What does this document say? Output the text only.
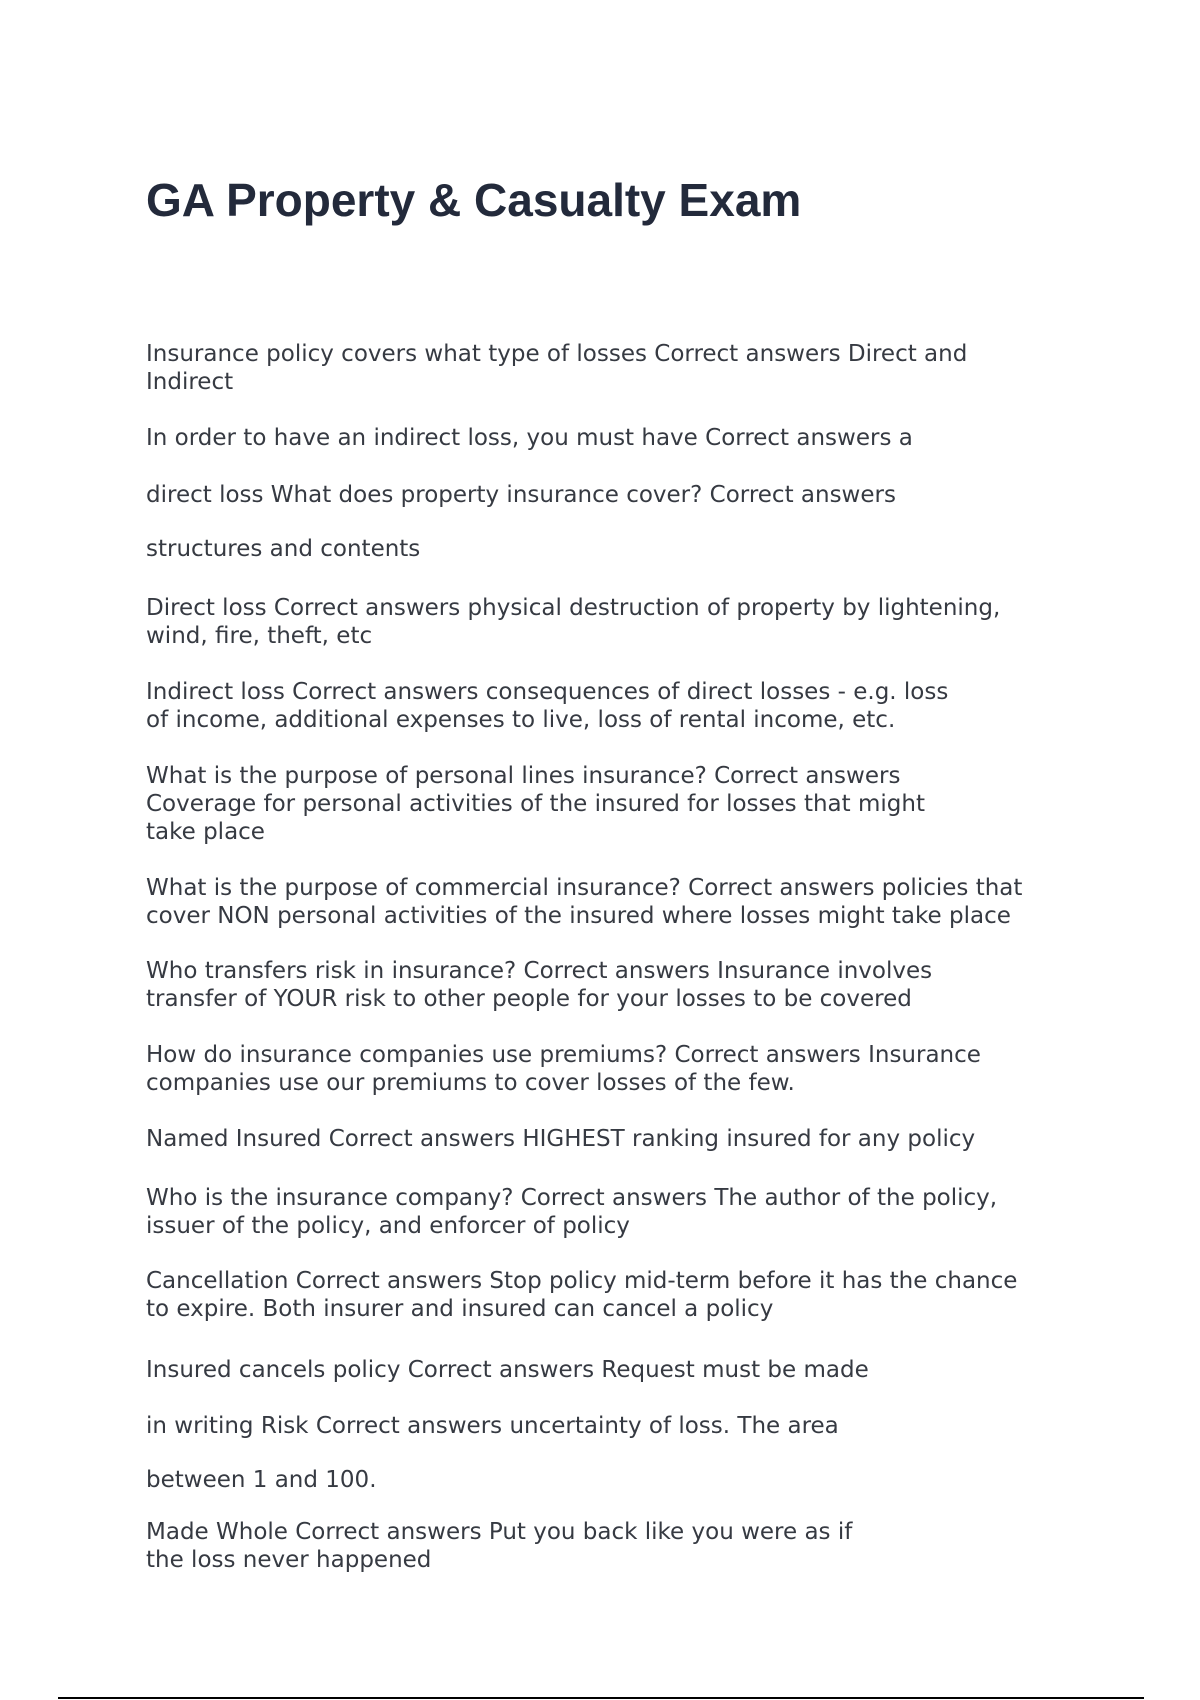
GA Property & Casualty Exam

Insurance policy covers what type of losses Correct answers Direct and
Indirect

In order to have an indirect loss, you must have Correct answers a

direct loss What does property insurance cover? Correct answers

structures and contents

Direct loss Correct answers physical destruction of property by lightening,
wind, fire, theft, etc

Indirect loss Correct answers consequences of direct losses - e.g. loss
of income, additional expenses to live, loss of rental income, etc.

What is the purpose of personal lines insurance? Correct answers
Coverage for personal activities of the insured for losses that might
take place

What is the purpose of commercial insurance? Correct answers policies that
cover NON personal activities of the insured where losses might take place

Who transfers risk in insurance? Correct answers Insurance involves
transfer of YOUR risk to other people for your losses to be covered

How do insurance companies use premiums? Correct answers Insurance
companies use our premiums to cover losses of the few.

Named Insured Correct answers HIGHEST ranking insured for any policy

Who is the insurance company? Correct answers The author of the policy,
issuer of the policy, and enforcer of policy

Cancellation Correct answers Stop policy mid-term before it has the chance
to expire. Both insurer and insured can cancel a policy

Insured cancels policy Correct answers Request must be made

in writing Risk Correct answers uncertainty of loss. The area

between 1 and 100.

Made Whole Correct answers Put you back like you were as if
the loss never happened
